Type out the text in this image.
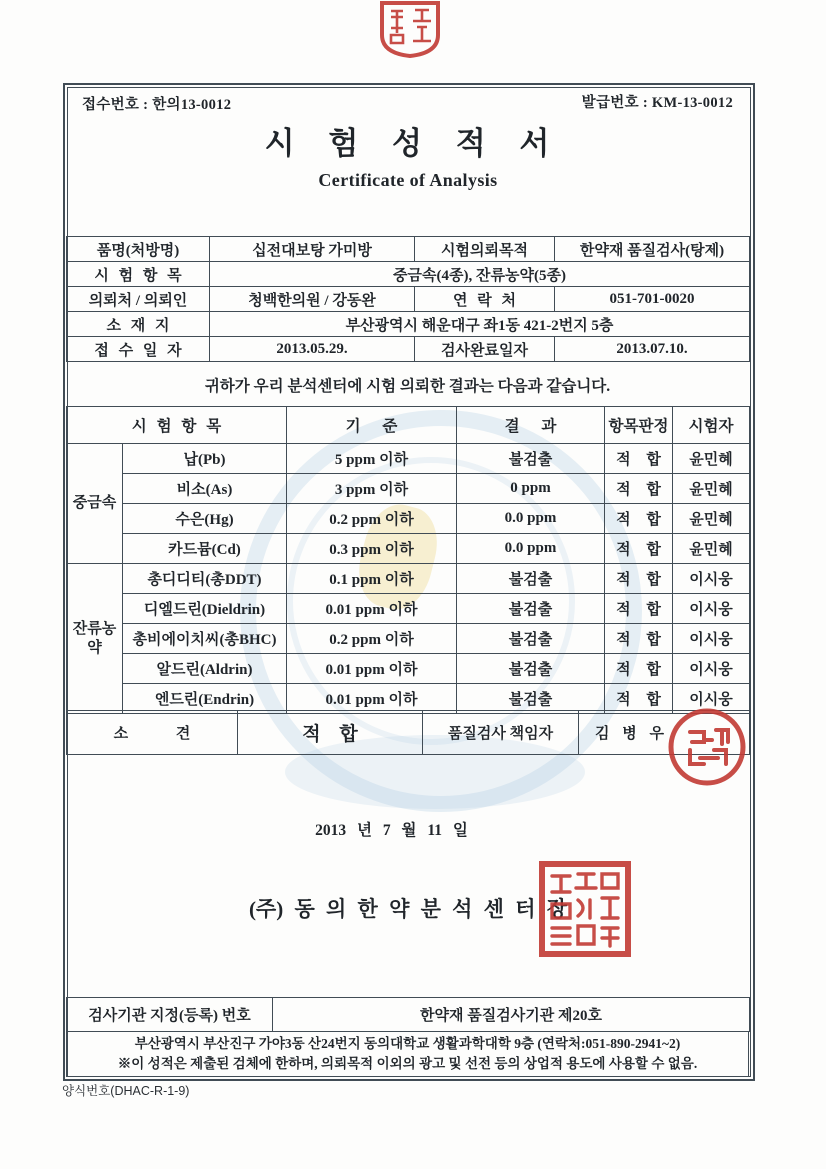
접수번호 : 한의13-0012	발급번호 : KM-13-0012
시 험 성 적 서
Certificate of Analysis
품명(처방명)	십전대보탕 가미방	시험의뢰목적	한약재 품질검사(탕제)
시 험 항 목	중금속(4종), 잔류농약(5종)		
의뢰처 / 의뢰인	청백한의원 / 강동완	연 락 처	051-701-0020
소 재 지	부산광역시 해운대구 좌1동 421-2번지 5층		
접 수 일 자	2013.05.29.	검사완료일자	2013.07.10.
귀하가 우리 분석센터에 시험 의뢰한 결과는 다음과 같습니다.
시 험 항 목		기 준	결 과	항목판정	시험자
중금속	납(Pb)	5 ppm 이하	불검출	적 합	윤민혜
	비소(As)	3 ppm 이하	0 ppm	적 합	윤민혜
	수은(Hg)	0.2 ppm 이하	0.0 ppm	적 합	윤민혜
	카드뮴(Cd)	0.3 ppm 이하	0.0 ppm	적 합	윤민혜
잔류농약	총디디티(총DDT)	0.1 ppm 이하	불검출	적 합	이시웅
	디엘드린(Dieldrin)	0.01 ppm 이하	불검출	적 합	이시웅
	총비에이치씨(총BHC)	0.2 ppm 이하	불검출	적 합	이시웅
	알드린(Aldrin)	0.01 ppm 이하	불검출	적 합	이시웅
	엔드린(Endrin)	0.01 ppm 이하	불검출	적 합	이시웅
소 견	적 합	품질검사 책임자	김 병 우
2013 년 7 월 11 일
(주) 동 의 한 약 분 석 센 터 장
검사기관 지정(등록) 번호	한약재 품질검사기관 제20호
부산광역시 부산진구 가야3동 산24번지 동의대학교 생활과학대학 9층 (연락처:051-890-2941~2)
※이 성적은 제출된 검체에 한하며, 의뢰목적 이외의 광고 및 선전 등의 상업적 용도에 사용할 수 없음.
양식번호(DHAC-R-1-9)
